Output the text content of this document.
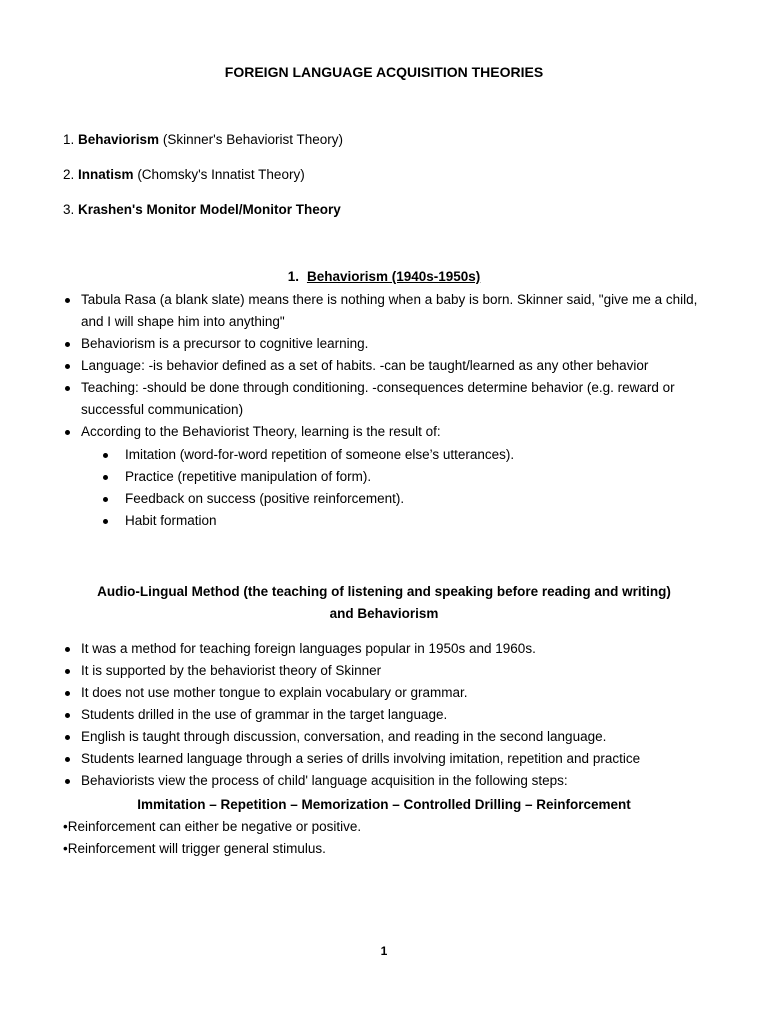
FOREIGN LANGUAGE ACQUISITION THEORIES
1. Behaviorism (Skinner's Behaviorist Theory)
2. Innatism (Chomsky's Innatist Theory)
3. Krashen's Monitor Model/Monitor Theory
1. Behaviorism (1940s-1950s)
Tabula Rasa (a blank slate) means there is nothing when a baby is born. Skinner said, "give me a child, and I will shape him into anything"
Behaviorism is a precursor to cognitive learning.
Language: -is behavior defined as a set of habits. -can be taught/learned as any other behavior
Teaching: -should be done through conditioning. -consequences determine behavior (e.g. reward or successful communication)
According to the Behaviorist Theory, learning is the result of:
Imitation (word-for-word repetition of someone else’s utterances).
Practice (repetitive manipulation of form).
Feedback on success (positive reinforcement).
Habit formation
Audio-Lingual Method (the teaching of listening and speaking before reading and writing) and Behaviorism
It was a method for teaching foreign languages popular in 1950s and 1960s.
It is supported by the behaviorist theory of Skinner
It does not use mother tongue to explain vocabulary or grammar.
Students drilled in the use of grammar in the target language.
English is taught through discussion, conversation, and reading in the second language.
Students learned language through a series of drills involving imitation, repetition and practice
Behaviorists view the process of child' language acquisition in the following steps:
Immitation – Repetition – Memorization – Controlled Drilling – Reinforcement
• Reinforcement can either be negative or positive.
• Reinforcement will trigger general stimulus.
1
